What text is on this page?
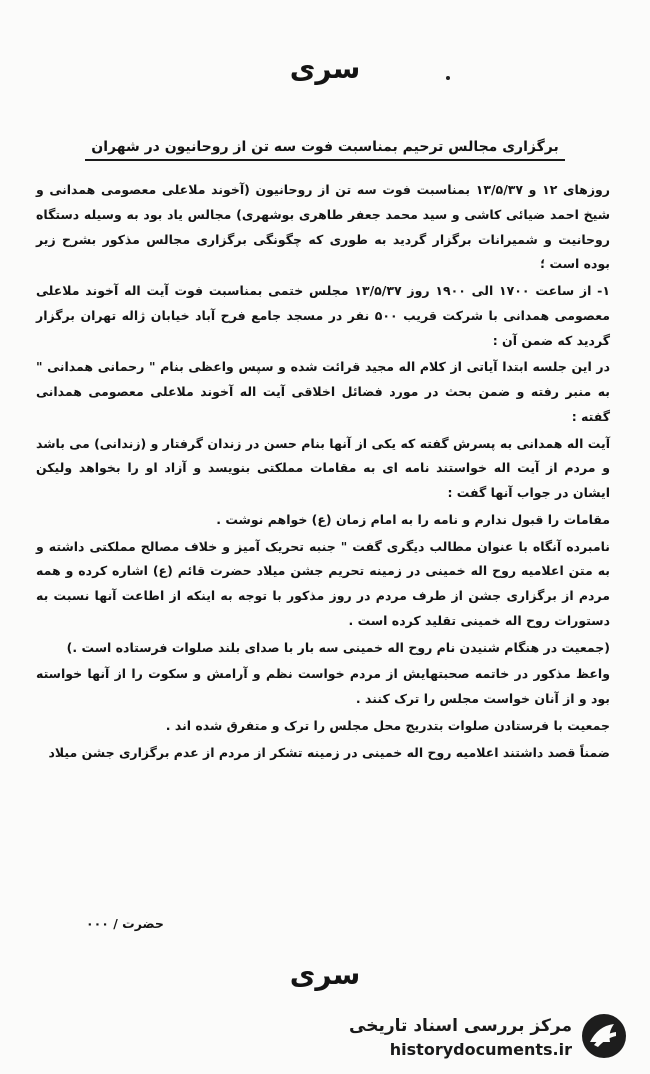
سری
برگزاری مجالس ترحیم بمناسبت فوت سه تن از روحانیون در شهران

روزهای ۱۲ و ۱۳/۵/۳۷ بمناسبت فوت سه تن از روحانیون (آخوند ملاعلی معصومی همدانی و شیخ احمد ضیائی کاشی و سید محمد جعفر طاهری بوشهری) مجالس یاد بود به وسیله دستگاه روحانیت و شمیرانات برگزار گردید به طوری که چگونگی برگزاری مجالس مذکور بشرح زیر بوده است ؛

۱- از ساعت ۱۷۰۰ الی ۱۹۰۰ روز ۱۳/۵/۳۷ مجلس ختمی بمناسبت فوت آیت اله آخوند ملاعلی معصومی همدانی با شرکت قریب ۵۰۰ نفر در مسجد جامع فرح آباد خیابان ژاله تهران برگزار گردید که ضمن آن :

در این جلسه ابتدا آیاتی از کلام اله مجید قرائت شده و سپس واعظی بنام " رحمانی همدانی " به منبر رفته و ضمن بحث در مورد فضائل اخلاقی آیت اله آخوند ملاعلی معصومی همدانی گفته :

آیت اله همدانی به پسرش گفته که یکی از آنها بنام حسن در زندان گرفتار و (زندانی) می باشد و مردم از آیت اله خواستند نامه ای به مقامات مملکتی بنویسد و آزاد او را بخواهد ولیکن ایشان در جواب آنها گفت :

مقامات را قبول ندارم و نامه را به امام زمان (ع) خواهم نوشت .

نامبرده آنگاه با عنوان مطالب دیگری گفت " جنبه تحریک آمیز و خلاف مصالح مملکتی داشته و به متن اعلامیه روح اله خمینی در زمینه تحریم جشن میلاد حضرت قائم (ع) اشاره کرده و همه مردم از برگزاری جشن از طرف مردم در روز مذکور با توجه به اینکه از اطاعت آنها نسبت به دستورات روح اله خمینی تقلید کرده است .

(جمعیت در هنگام شنیدن نام روح اله خمینی سه بار با صدای بلند صلوات فرستاده است .)

واعظ مذکور در خاتمه صحبتهایش از مردم خواست نظم و آرامش و سکوت را از آنها خواسته بود و از آنان خواست مجلس را ترک کنند .

جمعیت با فرستادن صلوات بتدریج محل مجلس را ترک و متفرق شده اند .

ضمناً قصد داشتند اعلامیه روح اله خمینی در زمینه تشکر از مردم از عدم برگزاری جشن میلاد

حضرت / ۰۰۰
سری
مرکز بررسی اسناد تاریخی
historydocuments.ir
